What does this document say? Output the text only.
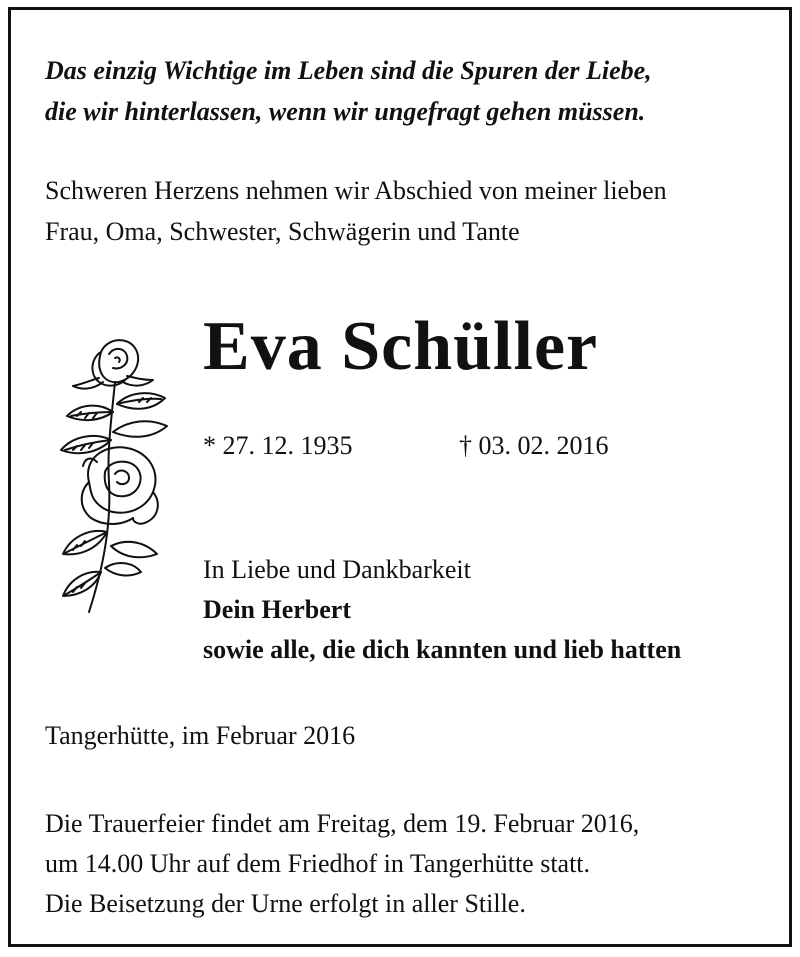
Das einzig Wichtige im Leben sind die Spuren der Liebe,
die wir hinterlassen, wenn wir ungefragt gehen müssen.
Schweren Herzens nehmen wir Abschied von meiner lieben
Frau, Oma, Schwester, Schwägerin und Tante
Eva Schüller
* 27. 12. 1935	† 03. 02. 2016
In Liebe und Dankbarkeit
Dein Herbert
sowie alle, die dich kannten und lieb hatten
Tangerhütte, im Februar 2016
Die Trauerfeier findet am Freitag, dem 19. Februar 2016,
um 14.00 Uhr auf dem Friedhof in Tangerhütte statt.
Die Beisetzung der Urne erfolgt in aller Stille.
